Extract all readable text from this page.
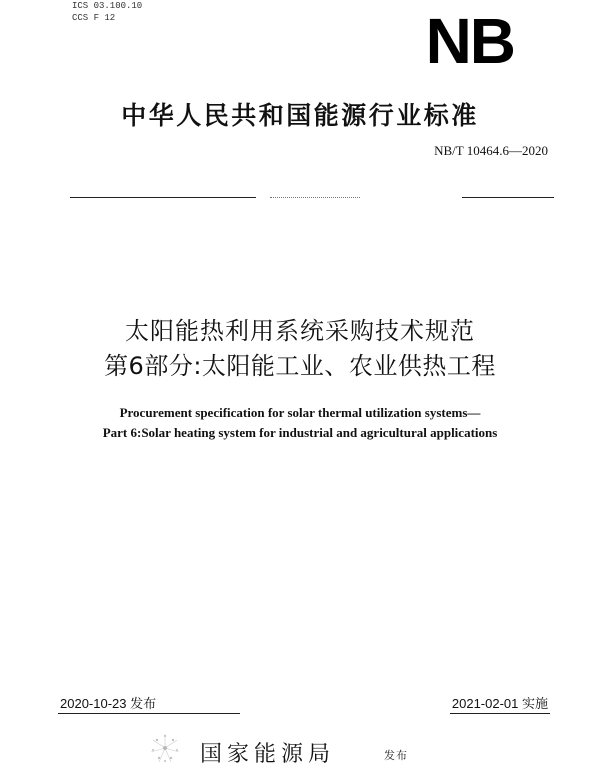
ICS 03.100.10
CCS F 12	NB
中华人民共和国能源行业标准
NB/T 10464.6—2020
太阳能热利用系统采购技术规范
第6部分:太阳能工业、农业供热工程
Procurement specification for solar thermal utilization systems—
Part 6:Solar heating system for industrial and agricultural applications
2020-10-23 发布	2021-02-01 实施
国家能源局	发布
